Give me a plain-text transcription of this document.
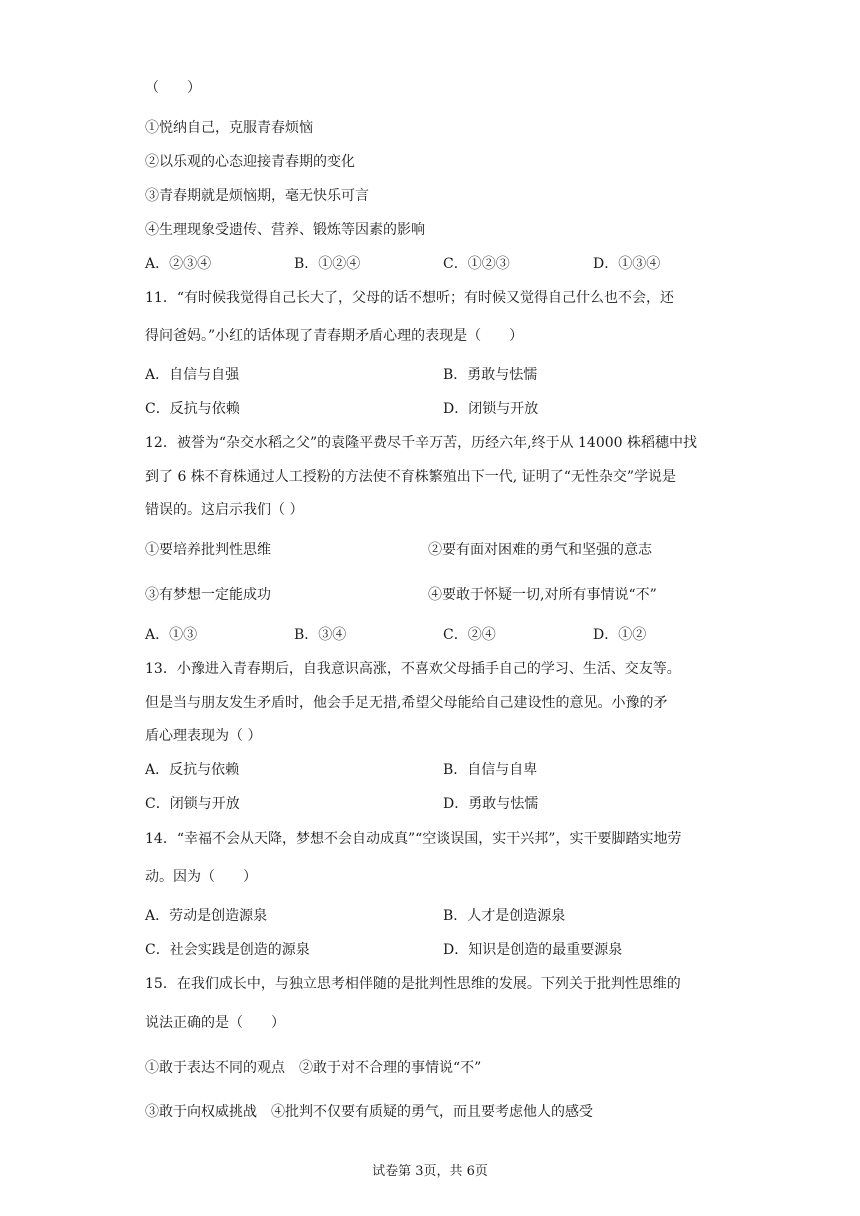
（　　）
①悦纳自己，克服青春烦恼
②以乐观的心态迎接青春期的变化
③青春期就是烦恼期，毫无快乐可言
④生理现象受遗传、营养、锻炼等因素的影响
A．②③④	B．①②④	C．①②③	D．①③④
11．“有时候我觉得自己长大了，父母的话不想听；有时候又觉得自己什么也不会，还
得问爸妈。”小红的话体现了青春期矛盾心理的表现是（　　）
A．自信与自强	B．勇敢与怯懦
C．反抗与依赖	D．闭锁与开放
12．被誉为“杂交水稻之父”的袁隆平费尽千辛万苦，历经六年,终于从 14000 株稻穗中找
到了 6 株不育株通过人工授粉的方法使不育株繁殖出下一代, 证明了“无性杂交”学说是
错误的。这启示我们（ ）
①要培养批判性思维	②要有面对困难的勇气和坚强的意志
③有梦想一定能成功	④要敢于怀疑一切,对所有事情说“不”
A．①③	B．③④	C．②④	D．①②
13．小豫进入青春期后，自我意识高涨，不喜欢父母插手自己的学习、生活、交友等。
但是当与朋友发生矛盾时，他会手足无措,希望父母能给自己建设性的意见。小豫的矛
盾心理表现为（ ）
A．反抗与依赖	B．自信与自卑
C．闭锁与开放	D．勇敢与怯懦
14．“幸福不会从天降，梦想不会自动成真”“空谈误国，实干兴邦”，实干要脚踏实地劳
动。因为（　　）
A．劳动是创造源泉	B．人才是创造源泉
C．社会实践是创造的源泉	D．知识是创造的最重要源泉
15．在我们成长中，与独立思考相伴随的是批判性思维的发展。下列关于批判性思维的
说法正确的是（　　）
①敢于表达不同的观点　②敢于对不合理的事情说“不”
③敢于向权威挑战　④批判不仅要有质疑的勇气，而且要考虑他人的感受
试卷第 3页，共 6页
